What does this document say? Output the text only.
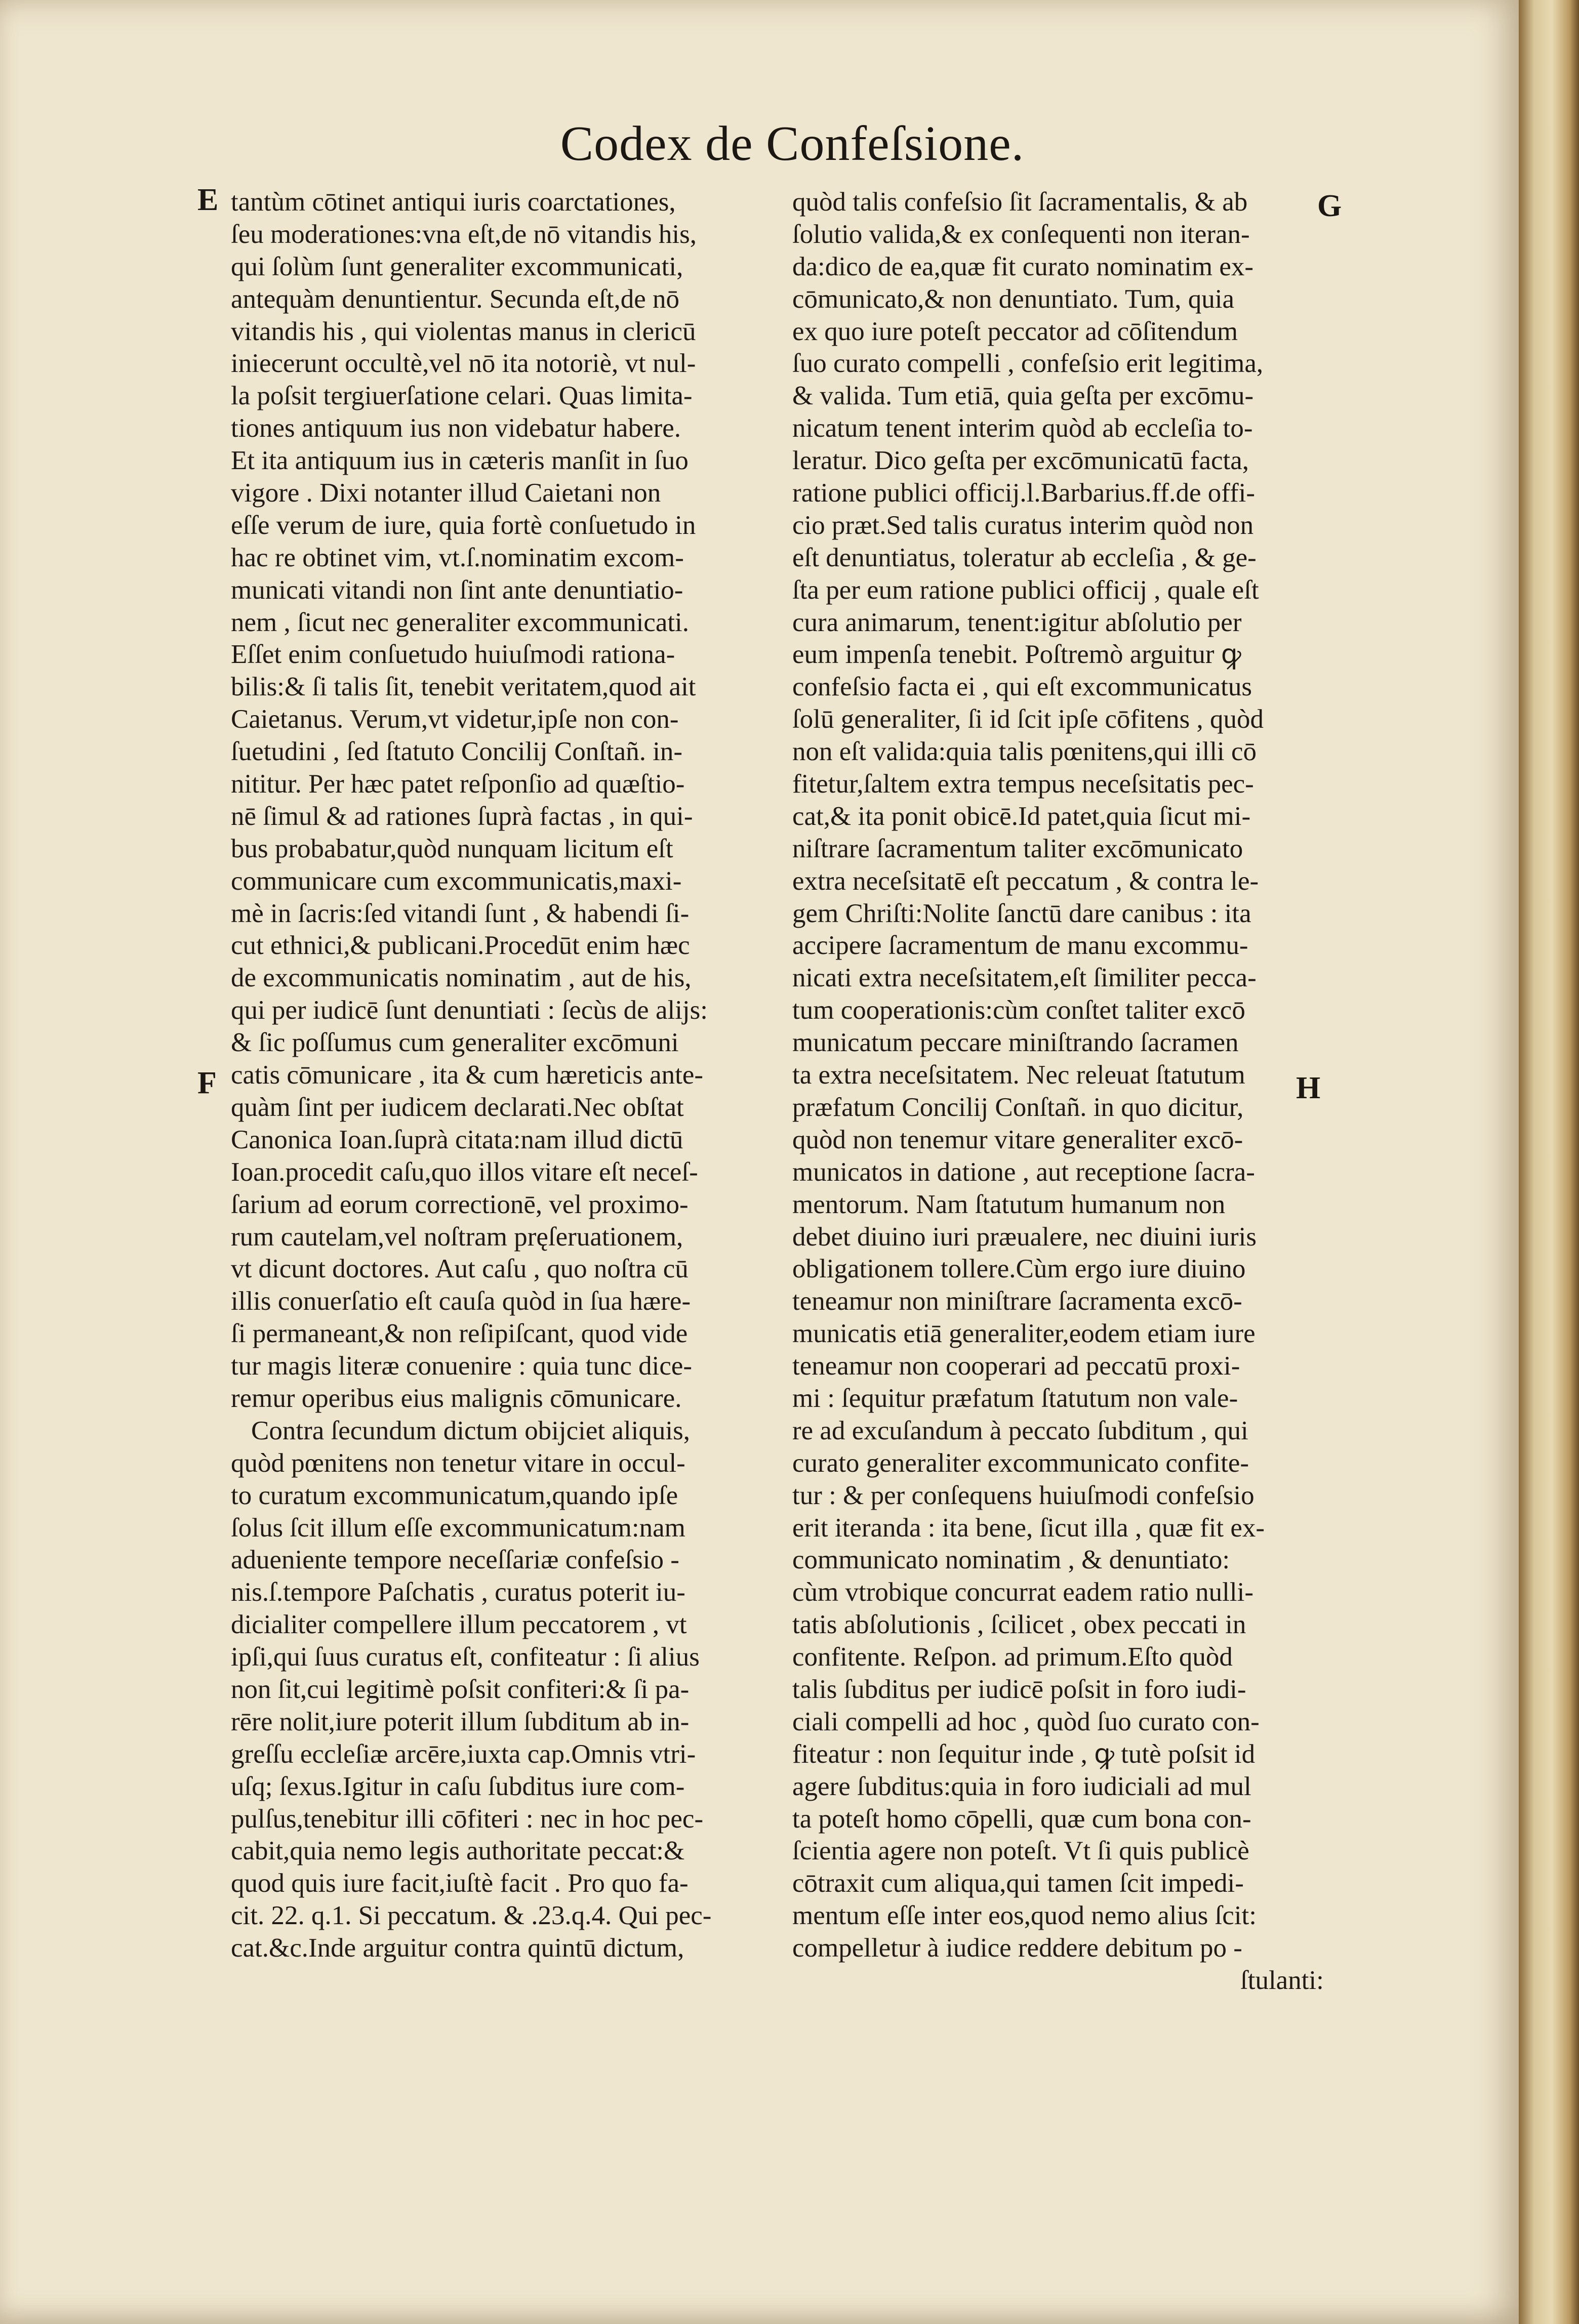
Codex de Confeſsione.
E
F
G
H
tantùm cōtinet antiqui iuris coarctationes,
ſeu moderationes:vna eſt,de nō vitandis his,
qui ſolùm ſunt generaliter excommunicati,
antequàm denuntientur. Secunda eſt,de nō
vitandis his , qui violentas manus in clericū
iniecerunt occultè,vel nō ita notoriè, vt nul-
la poſsit tergiuerſatione celari. Quas limita-
tiones antiquum ius non videbatur habere.
Et ita antiquum ius in cæteris manſit in ſuo
vigore . Dixi notanter illud Caietani non
eſſe verum de iure, quia fortè conſuetudo in
hac re obtinet vim, vt.ſ.nominatim excom-
municati vitandi non ſint ante denuntiatio-
nem , ſicut nec generaliter excommunicati.
Eſſet enim conſuetudo huiuſmodi rationa-
bilis:& ſi talis ſit, tenebit veritatem,quod ait
Caietanus. Verum,vt videtur,ipſe non con-
ſuetudini , ſed ſtatuto Concilij Conſtañ. in-
nititur. Per hæc patet reſponſio ad quæſtio-
nē ſimul & ad rationes ſuprà factas , in qui-
bus probabatur,quòd nunquam licitum eſt
communicare cum excommunicatis,maxi-
mè in ſacris:ſed vitandi ſunt , & habendi ſi-
cut ethnici,& publicani.Procedūt enim hæc
de excommunicatis nominatim , aut de his,
qui per iudicē ſunt denuntiati : ſecùs de alijs:
& ſic poſſumus cum generaliter excōmuni
catis cōmunicare , ita & cum hæreticis ante-
quàm ſint per iudicem declarati.Nec obſtat
Canonica Ioan.ſuprà citata:nam illud dictū
Ioan.procedit caſu,quo illos vitare eſt neceſ-
ſarium ad eorum correctionē, vel proximo-
rum cautelam,vel noſtram pręſeruationem,
vt dicunt doctores. Aut caſu , quo noſtra cū
illis conuerſatio eſt cauſa quòd in ſua hære-
ſi permaneant,& non reſipiſcant, quod vide
tur magis literæ conuenire : quia tunc dice-
remur operibus eius malignis cōmunicare.
Contra ſecundum dictum obijciet aliquis,
quòd pœnitens non tenetur vitare in occul-
to curatum excommunicatum,quando ipſe
ſolus ſcit illum eſſe excommunicatum:nam
adueniente tempore neceſſariæ confeſsio -
nis.ſ.tempore Paſchatis , curatus poterit iu-
dicialiter compellere illum peccatorem , vt
ipſi,qui ſuus curatus eſt, confiteatur : ſi alius
non ſit,cui legitimè poſsit confiteri:& ſi pa-
rēre nolit,iure poterit illum ſubditum ab in-
greſſu eccleſiæ arcēre,iuxta cap.Omnis vtri-
uſq; ſexus.Igitur in caſu ſubditus iure com-
pulſus,tenebitur illi cōfiteri : nec in hoc pec-
cabit,quia nemo legis authoritate peccat:&
quod quis iure facit,iuſtè facit . Pro quo fa-
cit. 22. q.1. Si peccatum. & .23.q.4. Qui pec-
cat.&c.Inde arguitur contra quintū dictum,
quòd talis confeſsio ſit ſacramentalis, & ab
ſolutio valida,& ex conſequenti non iteran-
da:dico de ea,quæ fit curato nominatim ex-
cōmunicato,& non denuntiato. Tum, quia
ex quo iure poteſt peccator ad cōſitendum
ſuo curato compelli , confeſsio erit legitima,
& valida. Tum etiā, quia geſta per excōmu-
nicatum tenent interim quòd ab eccleſia to-
leratur. Dico geſta per excōmunicatū facta,
ratione publici officij.l.Barbarius.ff.de offi-
cio præt.Sed talis curatus interim quòd non
eſt denuntiatus, toleratur ab eccleſia , & ge-
ſta per eum ratione publici officij , quale eſt
cura animarum, tenent:igitur abſolutio per
eum impenſa tenebit. Poſtremò arguitur ꝙ
confeſsio facta ei , qui eſt excommunicatus
ſolū generaliter, ſi id ſcit ipſe cōfitens , quòd
non eſt valida:quia talis pœnitens,qui illi cō
fitetur,ſaltem extra tempus neceſsitatis pec-
cat,& ita ponit obicē.Id patet,quia ſicut mi-
niſtrare ſacramentum taliter excōmunicato
extra neceſsitatē eſt peccatum , & contra le-
gem Chriſti:Nolite ſanctū dare canibus : ita
accipere ſacramentum de manu excommu-
nicati extra neceſsitatem,eſt ſimiliter pecca-
tum cooperationis:cùm conſtet taliter excō
municatum peccare miniſtrando ſacramen
ta extra neceſsitatem. Nec releuat ſtatutum
præfatum Concilij Conſtañ. in quo dicitur,
quòd non tenemur vitare generaliter excō-
municatos in datione , aut receptione ſacra-
mentorum. Nam ſtatutum humanum non
debet diuino iuri præualere, nec diuini iuris
obligationem tollere.Cùm ergo iure diuino
teneamur non miniſtrare ſacramenta excō-
municatis etiā generaliter,eodem etiam iure
teneamur non cooperari ad peccatū proxi-
mi : ſequitur præfatum ſtatutum non vale-
re ad excuſandum à peccato ſubditum , qui
curato generaliter excommunicato confite-
tur : & per conſequens huiuſmodi confeſsio
erit iteranda : ita bene, ſicut illa , quæ fit ex-
communicato nominatim , & denuntiato:
cùm vtrobique concurrat eadem ratio nulli-
tatis abſolutionis , ſcilicet , obex peccati in
confitente. Reſpon. ad primum.Eſto quòd
talis ſubditus per iudicē poſsit in foro iudi-
ciali compelli ad hoc , quòd ſuo curato con-
fiteatur : non ſequitur inde , ꝙ tutè poſsit id
agere ſubditus:quia in foro iudiciali ad mul
ta poteſt homo cōpelli, quæ cum bona con-
ſcientia agere non poteſt. Vt ſi quis publicè
cōtraxit cum aliqua,qui tamen ſcit impedi-
mentum eſſe inter eos,quod nemo alius ſcit:
compelletur à iudice reddere debitum po -
ſtulanti:
